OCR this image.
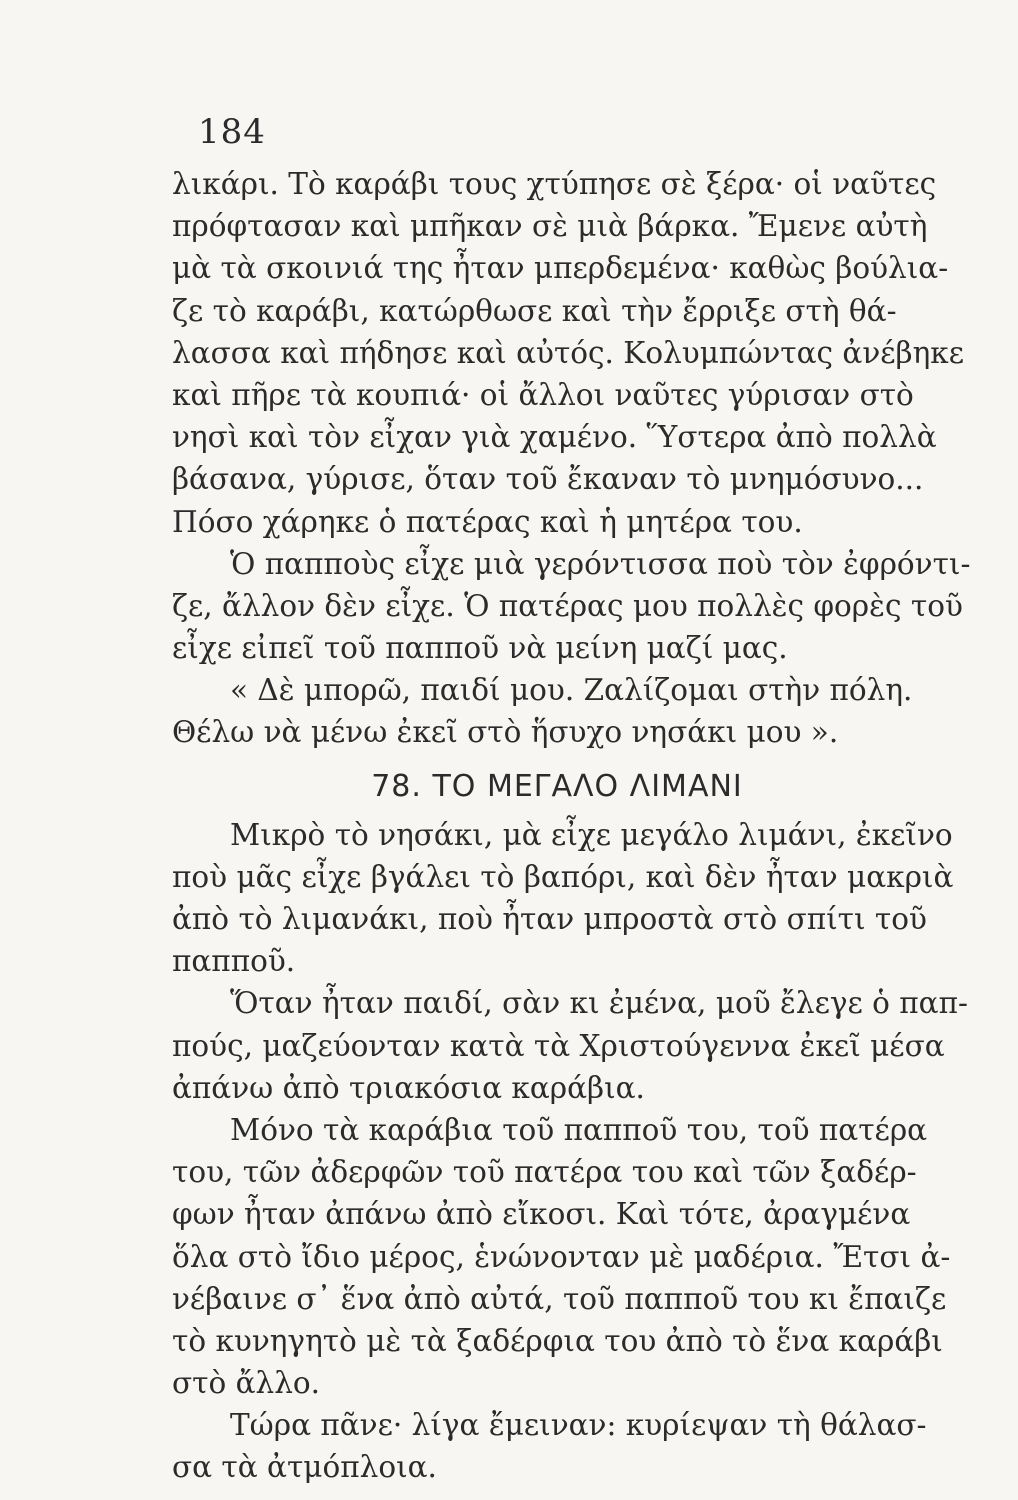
184
λικάρι. Τὸ καράβι τους χτύπησε σὲ ξέρα· οἱ ναῦτες
πρόφτασαν καὶ μπῆκαν σὲ μιὰ βάρκα. Ἔμενε αὐτὴ
μὰ τὰ σκοινιά της ἦταν μπερδεμένα· καθὼς βούλια-
ζε τὸ καράβι, κατώρθωσε καὶ τὴν ἔρριξε στὴ θά-
λασσα καὶ πήδησε καὶ αὐτός. Κολυμπώντας ἀνέβηκε
καὶ πῆρε τὰ κουπιά· οἱ ἄλλοι ναῦτες γύρισαν στὸ
νησὶ καὶ τὸν εἶχαν γιὰ χαμένο. Ὕστερα ἀπὸ πολλὰ
βάσανα, γύρισε, ὅταν τοῦ ἔκαναν τὸ μνημόσυνο...
Πόσο χάρηκε ὁ πατέρας καὶ ἡ μητέρα του.
Ὁ παπποὺς εἶχε μιὰ γερόντισσα ποὺ τὸν ἐφρόντι-
ζε, ἄλλον δὲν εἶχε. Ὁ πατέρας μου πολλὲς φορὲς τοῦ
εἶχε εἰπεῖ τοῦ παπποῦ νὰ μείνη μαζί μας.
« Δὲ μπορῶ, παιδί μου. Ζαλίζομαι στὴν πόλη.
Θέλω νὰ μένω ἐκεῖ στὸ ἥσυχο νησάκι μου ».
78. ΤΟ ΜΕΓΑΛΟ ΛΙΜΑΝΙ
Μικρὸ τὸ νησάκι, μὰ εἶχε μεγάλο λιμάνι, ἐκεῖνο
ποὺ μᾶς εἶχε βγάλει τὸ βαπόρι, καὶ δὲν ἦταν μακριὰ
ἀπὸ τὸ λιμανάκι, ποὺ ἦταν μπροστὰ στὸ σπίτι τοῦ
παπποῦ.
Ὅταν ἦταν παιδί, σὰν κι ἐμένα, μοῦ ἔλεγε ὁ παπ-
πούς, μαζεύονταν κατὰ τὰ Χριστούγεννα ἐκεῖ μέσα
ἀπάνω ἀπὸ τριακόσια καράβια.
Μόνο τὰ καράβια τοῦ παπποῦ του, τοῦ πατέρα
του, τῶν ἀδερφῶν τοῦ πατέρα του καὶ τῶν ξαδέρ-
φων ἦταν ἀπάνω ἀπὸ εἴκοσι. Καὶ τότε, ἀραγμένα
ὅλα στὸ ἴδιο μέρος, ἑνώνονταν μὲ μαδέρια. Ἔτσι ἀ-
νέβαινε σ᾽ ἕνα ἀπὸ αὐτά, τοῦ παπποῦ του κι ἔπαιζε
τὸ κυνηγητὸ μὲ τὰ ξαδέρφια του ἀπὸ τὸ ἕνα καράβι
στὸ ἄλλο.
Τώρα πᾶνε· λίγα ἔμειναν: κυρίεψαν τὴ θάλασ-
σα τὰ ἀτμόπλοια.
